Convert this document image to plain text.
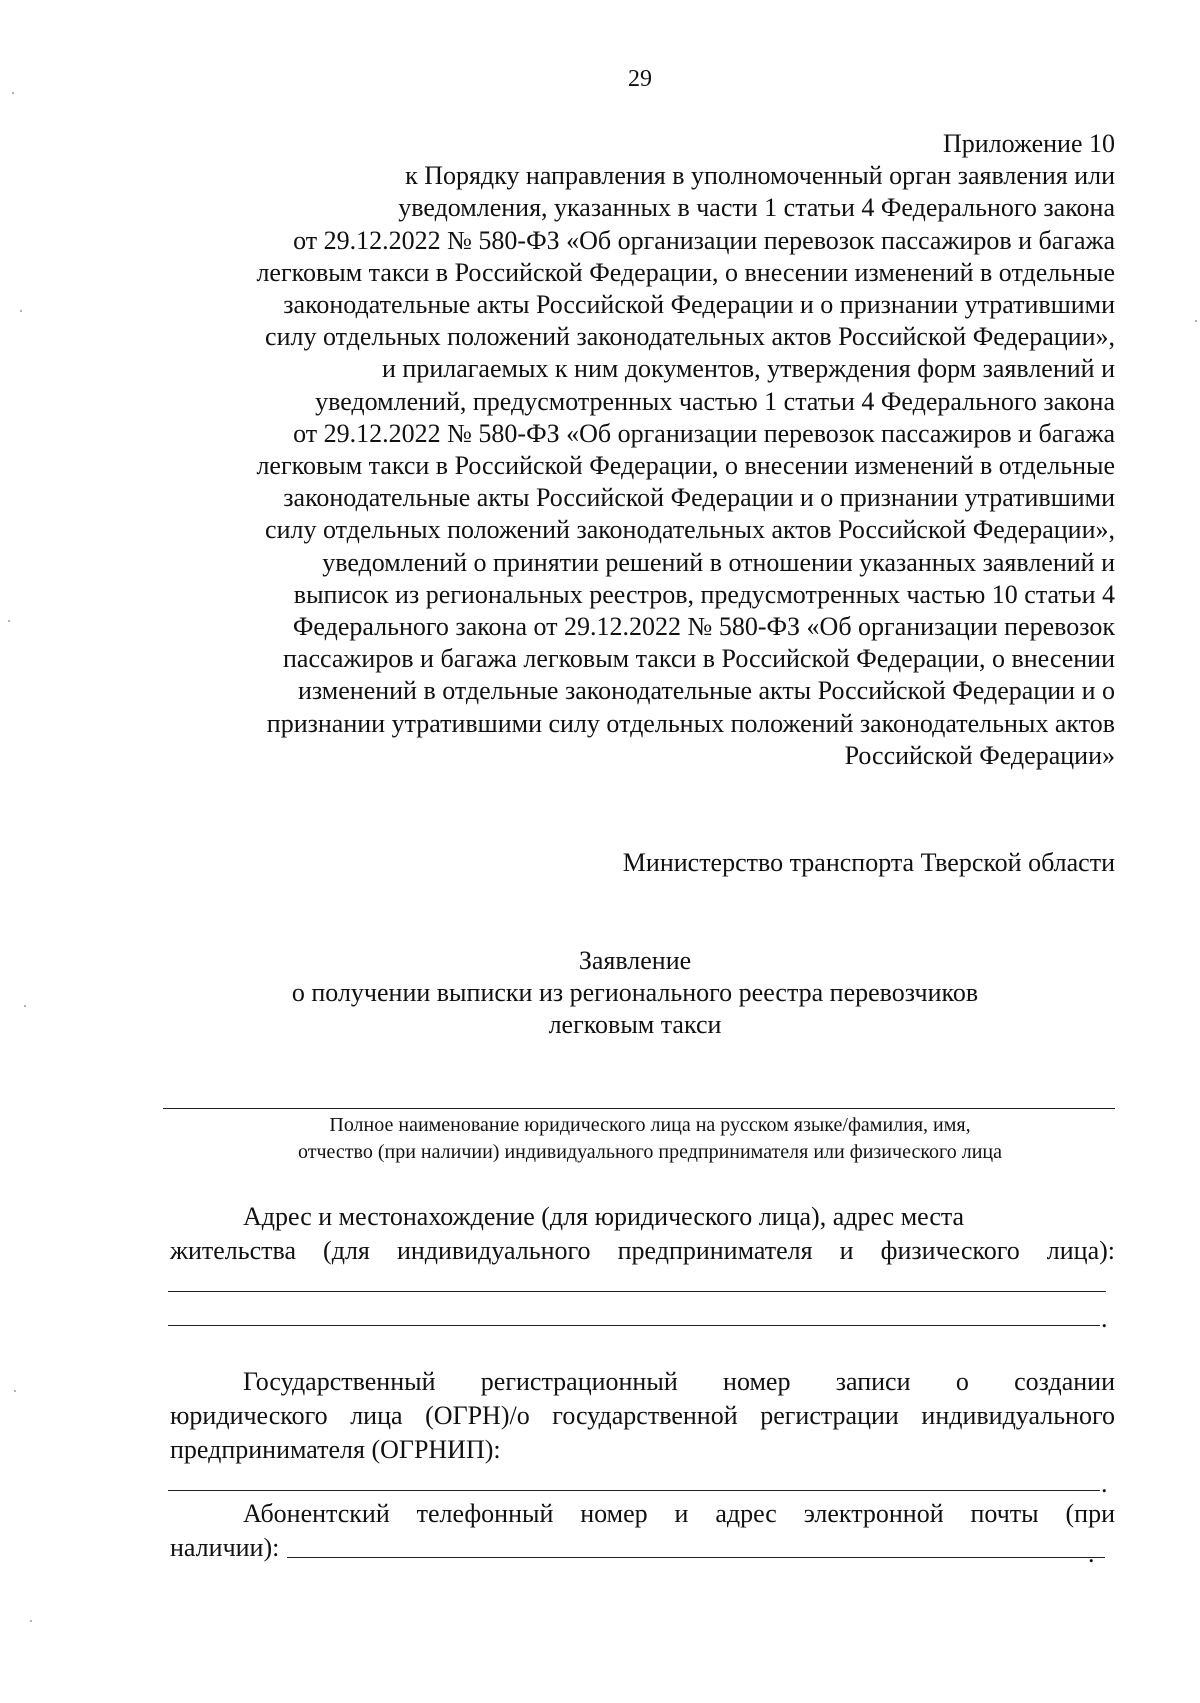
29
Приложение 10
к Порядку направления в уполномоченный орган заявления или
уведомления, указанных в части 1 статьи 4 Федерального закона
от 29.12.2022 № 580-ФЗ «Об организации перевозок пассажиров и багажа
легковым такси в Российской Федерации, о внесении изменений в отдельные
законодательные акты Российской Федерации и о признании утратившими
силу отдельных положений законодательных актов Российской Федерации»,
и прилагаемых к ним документов, утверждения форм заявлений и
уведомлений, предусмотренных частью 1 статьи 4 Федерального закона
от 29.12.2022 № 580-ФЗ «Об организации перевозок пассажиров и багажа
легковым такси в Российской Федерации, о внесении изменений в отдельные
законодательные акты Российской Федерации и о признании утратившими
силу отдельных положений законодательных актов Российской Федерации»,
уведомлений о принятии решений в отношении указанных заявлений и
выписок из региональных реестров, предусмотренных частью 10 статьи 4
Федерального закона от 29.12.2022 № 580-ФЗ «Об организации перевозок
пассажиров и багажа легковым такси в Российской Федерации, о внесении
изменений в отдельные законодательные акты Российской Федерации и о
признании утратившими силу отдельных положений законодательных актов
Российской Федерации»
Министерство транспорта Тверской области
Заявление
о получении выписки из регионального реестра перевозчиков
легковым такси
Полное наименование юридического лица на русском языке/фамилия, имя,
отчество (при наличии) индивидуального предпринимателя или физического лица
Адрес и местонахождение (для юридического лица), адрес места
жительства (для индивидуального предпринимателя и физического лица):
.
Государственный регистрационный номер записи о создании
юридического лица (ОГРН)/о государственной регистрации индивидуального
предпринимателя (ОГРНИП):
.
Абонентский телефонный номер и адрес электронной почты (при
наличии):	.
